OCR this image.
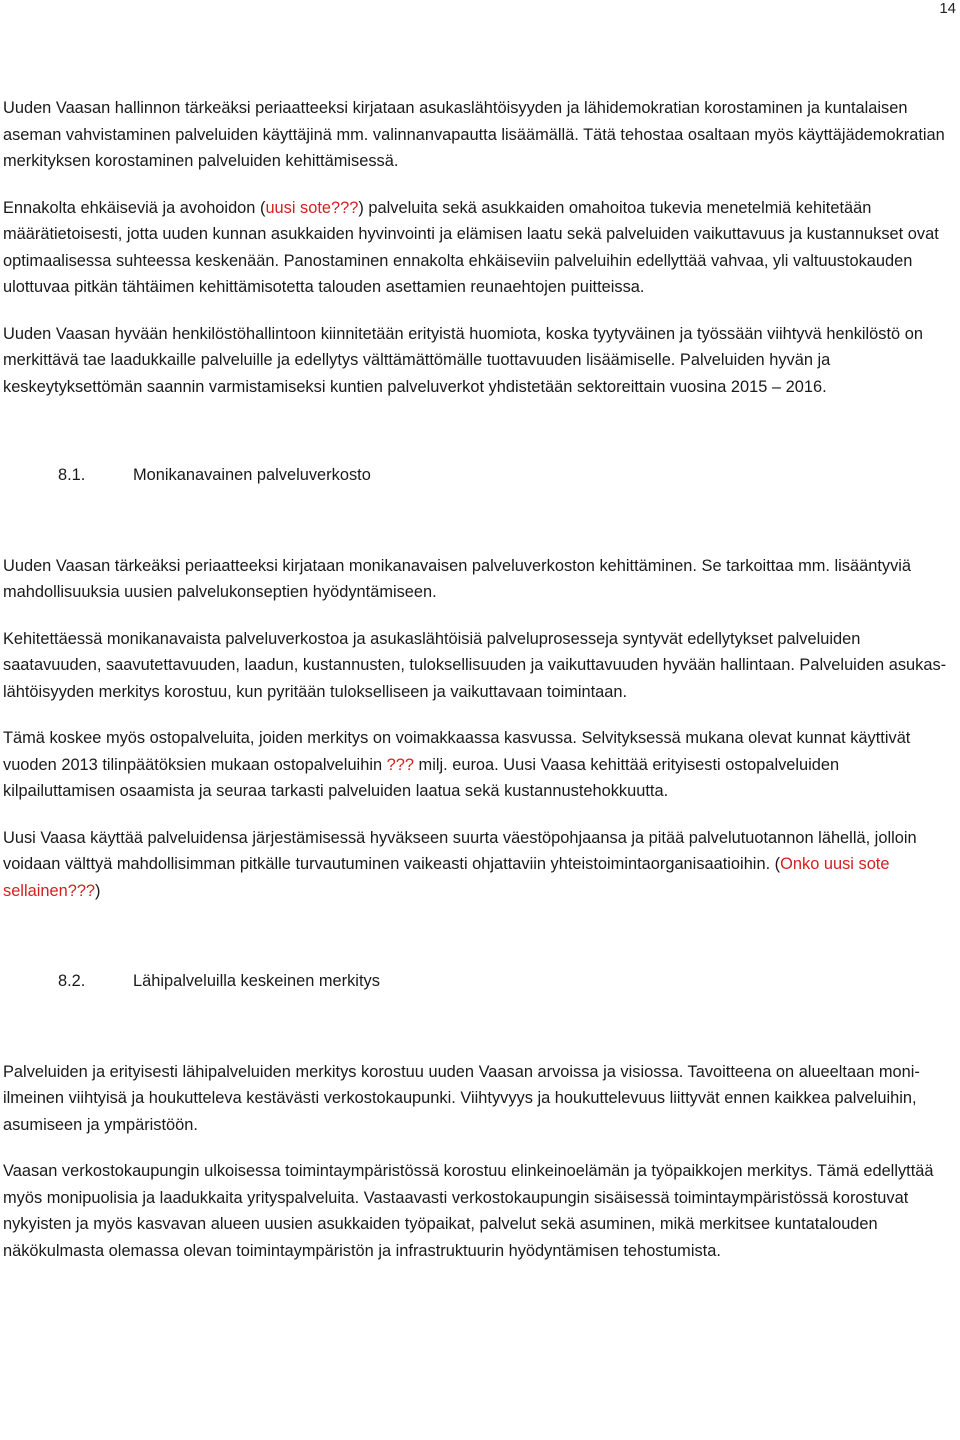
14

Uuden Vaasan hallinnon tärkeäksi periaatteeksi kirjataan asukaslähtöisyyden ja lähidemokratian korostaminen ja kuntalaisen aseman vahvistaminen palveluiden käyttäjinä mm. valinnanvapautta lisäämällä. Tätä tehostaa osaltaan myös käyttäjädemokratian merkityksen korostaminen palveluiden kehittämisessä.

Ennakolta ehkäiseviä ja avohoidon (uusi sote???) palveluita sekä asukkaiden omahoitoa tukevia menetelmiä kehitetään määrätietoisesti, jotta uuden kunnan asukkaiden hyvinvointi ja elämisen laatu sekä palveluiden vaikuttavuus ja kustannukset ovat optimaalisessa suhteessa keskenään. Panostaminen ennakolta ehkäiseviin palveluihin edellyttää vahvaa, yli valtuustokauden ulottuvaa pitkän tähtäimen kehittämisotetta talouden asettamien reunaehtojen puitteissa.

Uuden Vaasan hyvään henkilöstöhallintoon kiinnitetään erityistä huomiota, koska tyytyväinen ja työssään viihtyvä henkilöstö on merkittävä tae laadukkaille palveluille ja edellytys välttämättömälle tuottavuuden lisäämiselle. Palveluiden hyvän ja keskeytyksettömän saannin varmistamiseksi kuntien palveluverkot yhdistetään sektoreittain vuosina 2015 – 2016.

8.1.	Monikanavainen palveluverkosto

Uuden Vaasan tärkeäksi periaatteeksi kirjataan monikanavaisen palveluverkoston kehittäminen. Se tarkoittaa mm. lisääntyviä mahdollisuuksia uusien palvelukonseptien hyödyntämiseen.

Kehitettäessä monikanavaista palveluverkostoa ja asukaslähtöisiä palveluprosesseja syntyvät edellytykset palveluiden saatavuuden, saavutettavuuden, laadun, kustannusten, tuloksellisuuden ja vaikuttavuuden hyvään hallintaan. Palveluiden asukas-lähtöisyyden merkitys korostuu, kun pyritään tulokselliseen ja vaikuttavaan toimintaan.

Tämä koskee myös ostopalveluita, joiden merkitys on voimakkaassa kasvussa. Selvityksessä mukana olevat kunnat käyttivät vuoden 2013 tilinpäätöksien mukaan ostopalveluihin ??? milj. euroa. Uusi Vaasa kehittää erityisesti ostopalveluiden kilpailuttamisen osaamista ja seuraa tarkasti palveluiden laatua sekä kustannustehokkuutta.

Uusi Vaasa käyttää palveluidensa järjestämisessä hyväkseen suurta väestöpohjaansa ja pitää palvelutuotannon lähellä, jolloin voidaan välttyä mahdollisimman pitkälle turvautuminen vaikeasti ohjattaviin yhteistoimintaorganisaatioihin. (Onko uusi sote sellainen???)

8.2.	Lähipalveluilla keskeinen merkitys

Palveluiden ja erityisesti lähipalveluiden merkitys korostuu uuden Vaasan arvoissa ja visiossa. Tavoitteena on alueeltaan moni-ilmeinen viihtyisä ja houkutteleva kestävästi verkostokaupunki. Viihtyvyys ja houkuttelevuus liittyvät ennen kaikkea palveluihin, asumiseen ja ympäristöön.

Vaasan verkostokaupungin ulkoisessa toimintaympäristössä korostuu elinkeinoelämän ja työpaikkojen merkitys. Tämä edellyttää myös monipuolisia ja laadukkaita yrityspalveluita. Vastaavasti verkostokaupungin sisäisessä toimintaympäristössä korostuvat nykyisten ja myös kasvavan alueen uusien asukkaiden työpaikat, palvelut sekä asuminen, mikä merkitsee kuntatalouden näkökulmasta olemassa olevan toimintaympäristön ja infrastruktuurin hyödyntämisen tehostumista.
